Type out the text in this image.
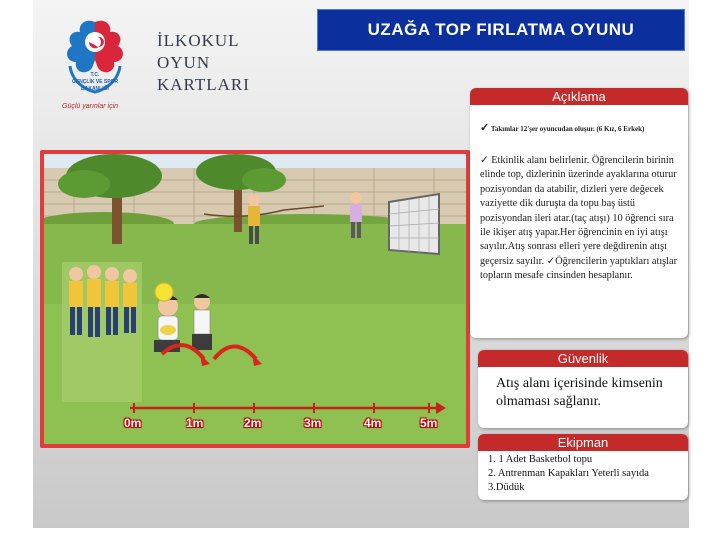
T.C.
GENÇLİK VE SPOR
BAKANLIĞI
Güçlü yarınlar için
İLKOKUL
OYUN
KARTLARI
UZAĞA TOP FIRLATMA OYUNU
0m	1m	2m	3m	4m	5m
Açıklama
✓ Takımlar 12'şer oyuncudan oluşur. (6 Kız, 6 Erkek)
✓ Etkinlik alanı belirlenir. Öğrencilerin birinin elinde top, dizlerinin üzerinde ayaklarına oturur pozisyondan da atabilir, dizleri yere değecek vaziyette dik duruşta da topu baş üstü pozisyondan ileri atar.(taç atışı) 10 öğrenci sıra ile ikişer atış yapar.Her öğrencinin en iyi atışı sayılır.Atış sonrası elleri yere değdirenin atışı geçersiz sayılır. ✓Öğrencilerin yaptıkları atışlar topların mesafe cinsinden hesaplanır.
Güvenlik
Atış alanı içerisinde kimsenin olmaması sağlanır.
Ekipman
1. 1 Adet Basketbol topu
2. Antrenman Kapakları Yeterli sayıda
3.Düdük
